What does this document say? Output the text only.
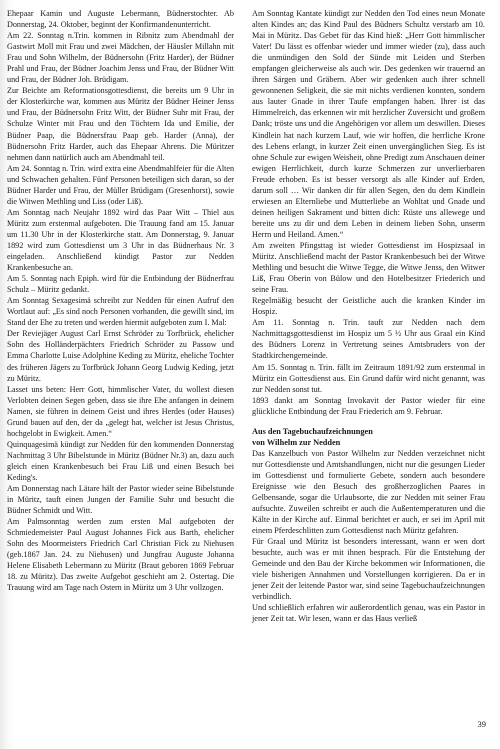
Ehepaar Kamin und Auguste Lebermann, Büdnerstochter. Ab Donnerstag, 24. Oktober, beginnt der Konfirmandenunterricht.

Am 22. Sonntag n.Trin. kommen in Ribnitz zum Abendmahl der Gastwirt Moll mit Frau und zwei Mädchen, der Häusler Millahn mit Frau und Sohn Wilhelm, der Büdnersohn (Fritz Harder), der Büdner Prahl und Frau, der Büdner Joachim Jenss und Frau, der Büdner Witt und Frau, der Büdner Joh. Brüdigam.

Zur Beichte am Reformationsgottesdienst, die bereits um 9 Uhr in der Klosterkirche war, kommen aus Müritz der Büdner Heiner Jenss und Frau, der Büdnersohn Fritz Witt, der Büdner Suhr mit Frau, der Schulze Winter mit Frau und den Töchtern Ida und Emilie, der Büdner Paap, die Büdnersfrau Paap geb. Harder (Anna), der Büdnersohn Fritz Harder, auch das Ehepaar Ahrens. Die Müritzer nehmen dann natürlich auch am Abendmahl teil.

Am 24. Sonntag n. Trin. wird extra eine Abendmahlfeier für die Alten und Schwachen gehalten. Fünf Personen beteiligen sich daran, so der Büdner Harder und Frau, der Müller Brüdigam (Gresenhorst), sowie die Witwen Methling und Liss (oder Liß).

Am Sonntag nach Neujahr 1892 wird das Paar Witt – Thiel aus Müritz zum erstenmal aufgeboten. Die Trauung fand am 15. Januar um 11.30 Uhr in der Klosterkirche statt. Am Donnerstag, 9. Januar 1892 wird zum Gottesdienst um 3 Uhr in das Büdnerhaus Nr. 3 eingeladen. Anschließend kündigt Pastor zur Nedden Krankenbesuche an.

Am 5. Sonntag nach Epiph. wird für die Entbindung der Büdnerfrau Schulz – Müritz gedankt.

Am Sonntag Sexagesimä schreibt zur Nedden für einen Aufruf den Wortlaut auf: „Es sind noch Personen vorhanden, die gewillt sind, im Stand der Ehe zu treten und werden hiermit aufgeboten zum I. Mal:

Der Reviejäger August Carl Ernst Schröder zu Torfbrück, ehelicher Sohn des Holländerpächters Friedrich Schröder zu Passow und Emma Charlotte Luise Adolphine Keding zu Müritz, eheliche Tochter des früheren Jägers zu Torfbrück Johann Georg Ludwig Keding, jetzt zu Müritz.

Lasset uns beten: Herr Gott, himmlischer Vater, du wollest diesen Verlobten deinen Segen geben, dass sie ihre Ehe anfangen in deinem Namen, sie führen in deinem Geist und ihres Herdes (oder Hauses) Grund bauen auf den, der da „gelegt hat, welcher ist Jesus Christus, hochgelobt in Ewigkeit. Amen.“

Quinquagesimä kündigt zur Nedden für den kommenden Donnerstag Nachmittag 3 Uhr Bibelstunde in Müritz (Büdner Nr.3) an, dazu auch gleich einen Krankenbesuch bei Frau Liß und einen Besuch bei Keding's.

Am Donnerstag nach Lätare hält der Pastor wieder seine Bibelstunde in Müritz, tauft einen Jungen der Familie Suhr und besucht die Büdner Schmidt und Witt.

Am Palmsonntag werden zum ersten Mal aufgeboten der Schmiedemeister Paul August Johannes Fick aus Barth, ehelicher Sohn des Moormeisters Friedrich Carl Christian Fick zu Niehusen (geb.1867 Jan. 24. zu Niehusen) und Jungfrau Auguste Johanna Helene Elisabeth Lebermann zu Müritz (Braut geboren 1869 Februar 18. zu Müritz). Das zweite Aufgebot geschieht am 2. Ostertag. Die Trauung wird am Tage nach Ostern in Müritz um 3 Uhr vollzogen.

Am Sonntag Kantate kündigt zur Nedden den Tod eines neun Monate alten Kindes an; das Kind Paul des Büdners Schultz verstarb am 10. Mai in Müritz. Das Gebet für das Kind hieß: „Herr Gott himmlischer Vater! Du lässt es offenbar wieder und immer wieder (zu), dass auch die unmündigen den Sold der Sünde mit Leiden und Sterben empfangen gleicherweise als auch wir. Des gedenken wir trauernd an ihren Särgen und Gräbern. Aber wir gedenken auch ihrer schnell gewonnenen Seligkeit, die sie mit nichts verdienen konnten, sondern aus lauter Gnade in ihrer Taufe empfangen haben. Ihrer ist das Himmelreich, das erkennen wir mit herzlicher Zuversicht und großem Dank; tröste uns und die Angehörigen vor allem um deswillen. Dieses Kindlein hat nach kurzem Lauf, wie wir hoffen, die herrliche Krone des Lebens erlangt, in kurzer Zeit einen unvergänglichen Sieg. Es ist ohne Schule zur ewigen Weisheit, ohne Predigt zum Anschauen deiner ewigen Herrlichkeit, durch kurze Schmerzen zur unverlierbaren Freude erhoben. Es ist besser versorgt als alle Kinder auf Erden, darum soll … Wir danken dir für allen Segen, den du dem Kindlein erwiesen an Elternliebe und Mutterliebe an Wohltat und Gnade und deinen heiligen Sakrament und bitten dich: Rüste uns allewege und bereite uns zu dir und dem Leben in deinem lieben Sohn, unserm Herrn und Heiland. Amen.“

Am zweiten Pfingsttag ist wieder Gottesdienst im Hospizsaal in Müritz. Anschließend macht der Pastor Krankenbesuch bei der Witwe Methling und besucht die Witwe Tegge, die Witwe Jenss, den Witwer Liß, Frau Oberin von Bülow und den Hotelbesitzer Friederich und seine Frau.

Regelmäßig besucht der Geistliche auch die kranken Kinder im Hospiz.

Am 11. Sonntag n. Trin. tauft zur Nedden nach dem Nachmittagsgottesdienst im Hospiz um 5 ½ Uhr aus Graal ein Kind des Büdners Lorenz in Vertretung seines Amtsbruders von der Stadtkirchengemeinde.

Am 15. Sonntag n. Trin. fällt im Zeitraum 1891/92 zum erstenmal in Müritz ein Gottesdienst aus. Ein Grund dafür wird nicht genannt, was zur Nedden sonst tut.

1893 dankt am Sonntag Invokavit der Pastor wieder für eine glückliche Entbindung der Frau Friederich am 9. Februar.

Aus den Tagebuchaufzeichnungen
von Wilhelm zur Nedden

Das Kanzelbuch von Pastor Wilhelm zur Nedden verzeichnet nicht nur Gottesdienste und Amtshandlungen, nicht nur die gesungen Lieder im Gottesdienst und formulierte Gebete, sondern auch besondere Ereignisse wie den Besuch des großherzoglichen Paares in Gelbensande, sogar die Urlaubsorte, die zur Nedden mit seiner Frau aufsuchte. Zuweilen schreibt er auch die Außentemperaturen und die Kälte in der Kirche auf. Einmal berichtet er auch, er sei im April mit einem Pferdeschlitten zum Gottesdienst nach Müritz gefahren.

Für Graal und Müritz ist besonders interessant, wann er wen dort besuchte, auch was er mit ihnen besprach. Für die Entstehung der Gemeinde und den Bau der Kirche bekommen wir Informationen, die viele bisherigen Annahmen und Vorstellungen korrigieren. Da er in jener Zeit der leitende Pastor war, sind seine Tagebuchaufzeichnungen verbindlich.

Und schließlich erfahren wir außerordentlich genau, was ein Pastor in jener Zeit tat. Wir lesen, wann er das Haus verließ

39
